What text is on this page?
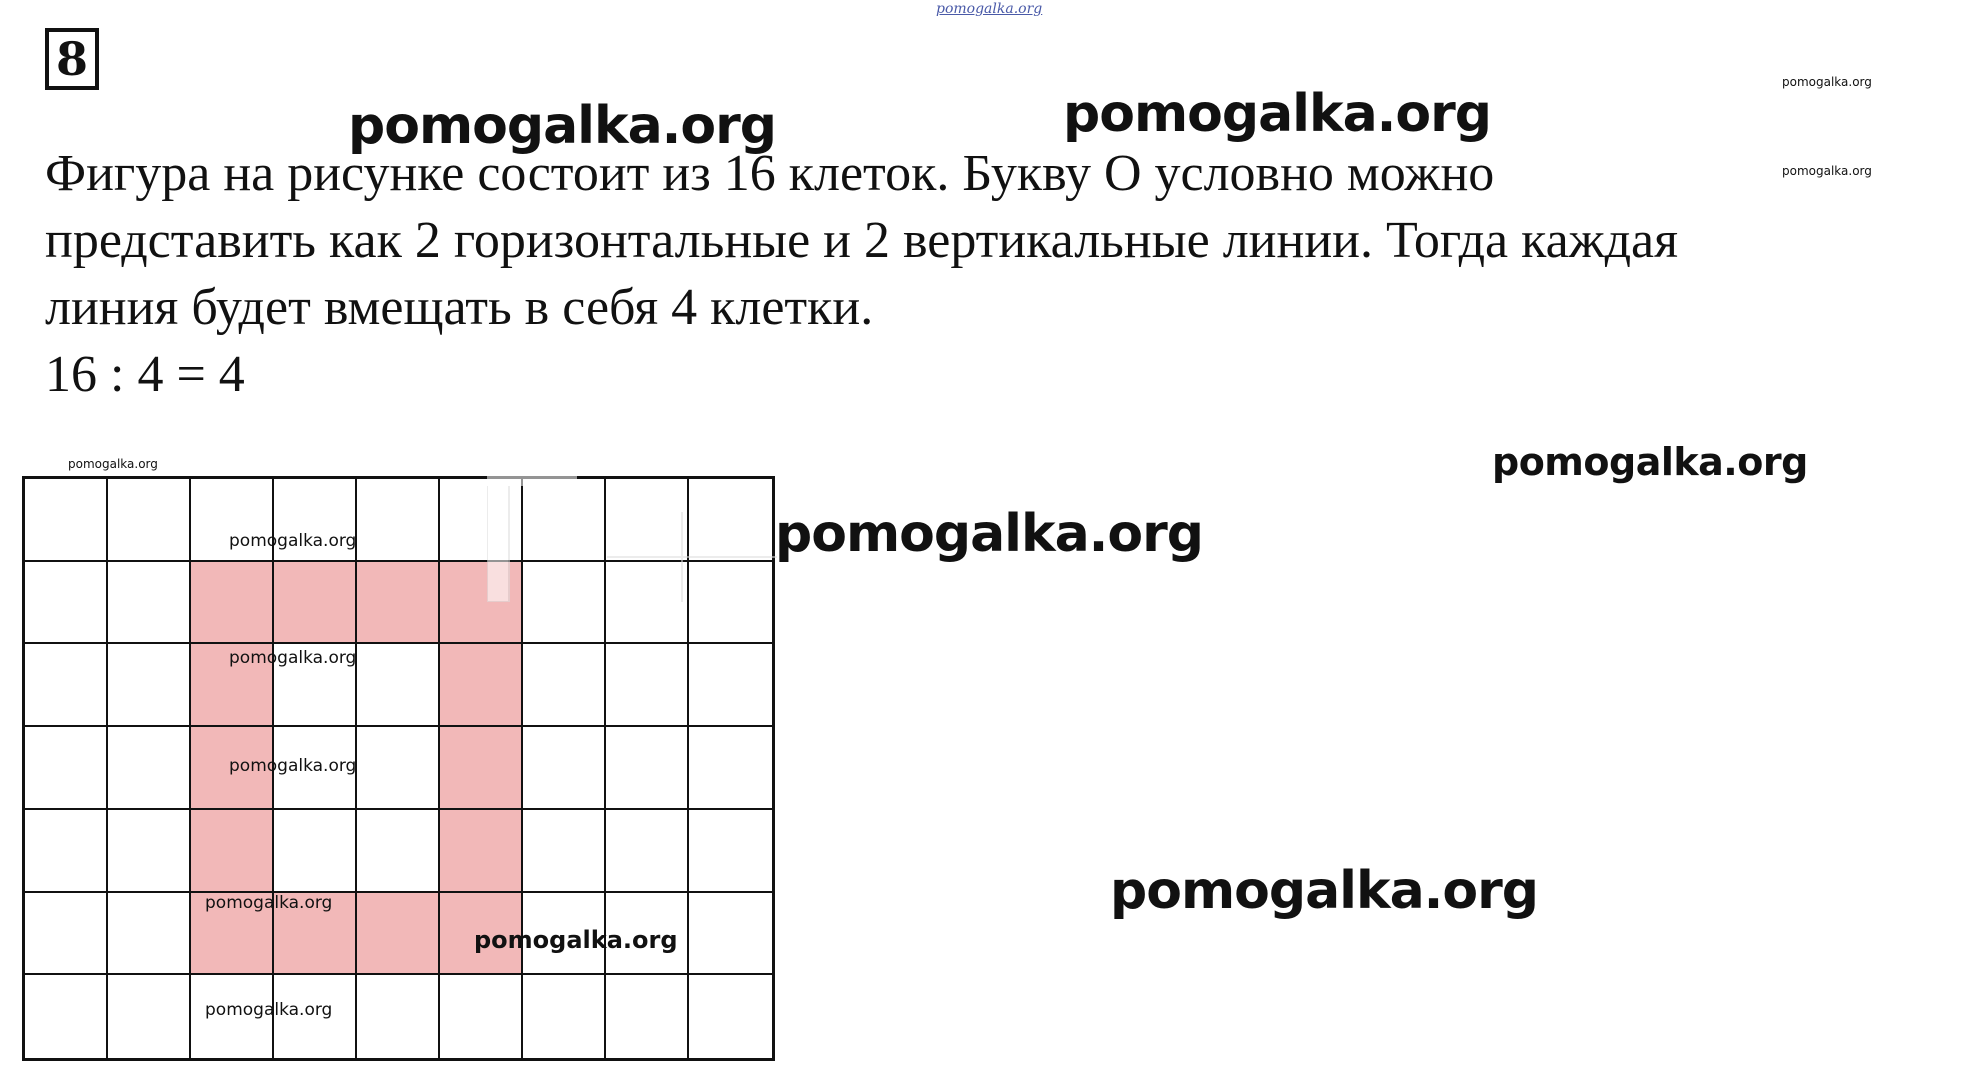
pomogalka.org
8
pomogalka.org	pomogalka.org
pomogalka.org
pomogalka.org
Фигура на рисунке состоит из 16 клеток. Букву О условно можно
представить как 2 горизонтальные и 2 вертикальные линии. Тогда каждая
линия будет вмещать в себя 4 клетки.
16 : 4 = 4
pomogalka.org
pomogalka.org
pomogalka.org
pomogalka.org
pomogalka.org
pomogalka.org
pomogalka.org
pomogalka.org
pomogalka.org
pomogalka.org
